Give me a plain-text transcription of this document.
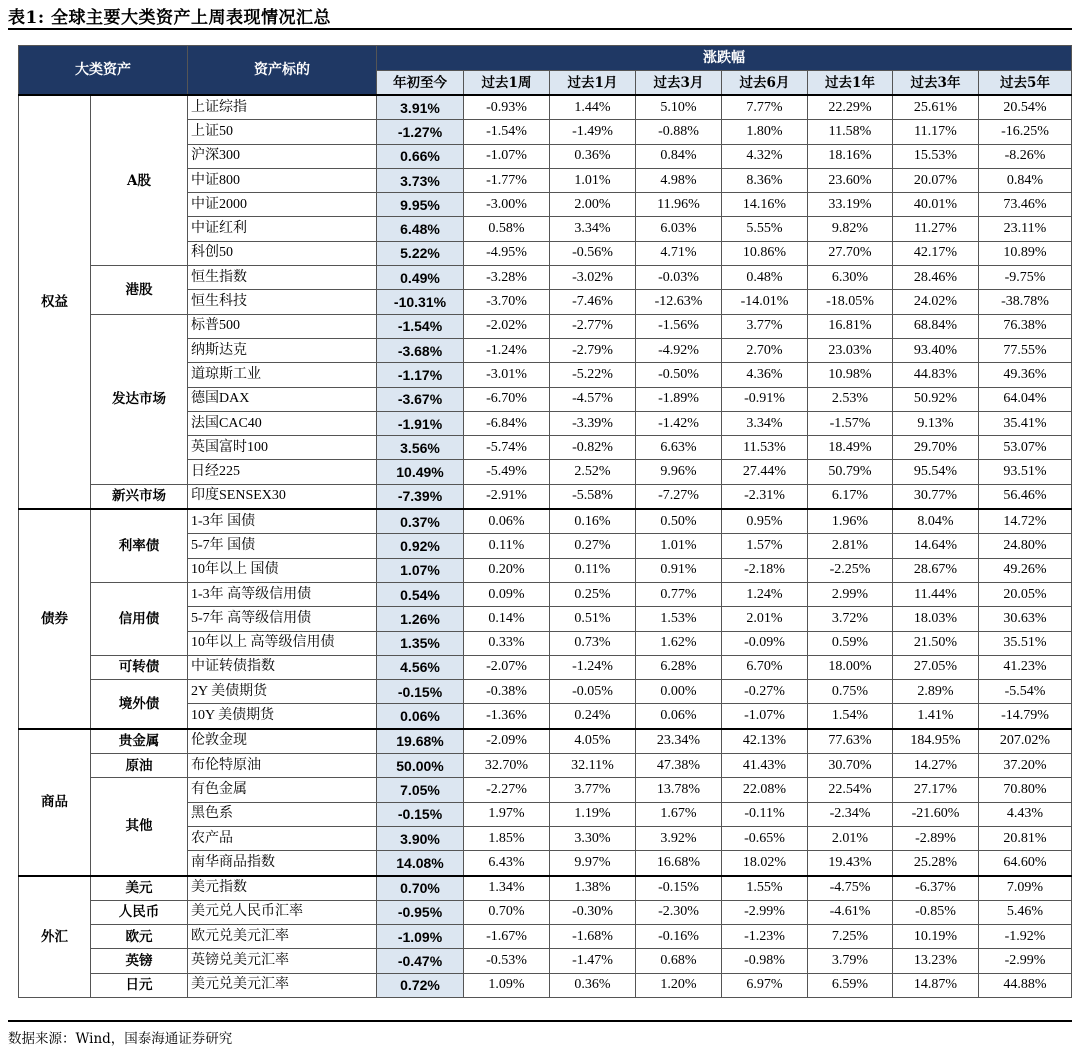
表1: 全球主要大类资产上周表现情况汇总
大类资产		资产标的	涨跌幅							
			年初至今	过去1周	过去1月	过去3月	过去6月	过去1年	过去3年	过去5年
权益	A股	上证综指	3.91%	-0.93%	1.44%	5.10%	7.77%	22.29%	25.61%	20.54%
		上证50	-1.27%	-1.54%	-1.49%	-0.88%	1.80%	11.58%	11.17%	-16.25%
		沪深300	0.66%	-1.07%	0.36%	0.84%	4.32%	18.16%	15.53%	-8.26%
		中证800	3.73%	-1.77%	1.01%	4.98%	8.36%	23.60%	20.07%	0.84%
		中证2000	9.95%	-3.00%	2.00%	11.96%	14.16%	33.19%	40.01%	73.46%
		中证红利	6.48%	0.58%	3.34%	6.03%	5.55%	9.82%	11.27%	23.11%
		科创50	5.22%	-4.95%	-0.56%	4.71%	10.86%	27.70%	42.17%	10.89%
	港股	恒生指数	0.49%	-3.28%	-3.02%	-0.03%	0.48%	6.30%	28.46%	-9.75%
		恒生科技	-10.31%	-3.70%	-7.46%	-12.63%	-14.01%	-18.05%	24.02%	-38.78%
	发达市场	标普500	-1.54%	-2.02%	-2.77%	-1.56%	3.77%	16.81%	68.84%	76.38%
		纳斯达克	-3.68%	-1.24%	-2.79%	-4.92%	2.70%	23.03%	93.40%	77.55%
		道琼斯工业	-1.17%	-3.01%	-5.22%	-0.50%	4.36%	10.98%	44.83%	49.36%
		德国DAX	-3.67%	-6.70%	-4.57%	-1.89%	-0.91%	2.53%	50.92%	64.04%
		法国CAC40	-1.91%	-6.84%	-3.39%	-1.42%	3.34%	-1.57%	9.13%	35.41%
		英国富时100	3.56%	-5.74%	-0.82%	6.63%	11.53%	18.49%	29.70%	53.07%
		日经225	10.49%	-5.49%	2.52%	9.96%	27.44%	50.79%	95.54%	93.51%
	新兴市场	印度SENSEX30	-7.39%	-2.91%	-5.58%	-7.27%	-2.31%	6.17%	30.77%	56.46%
债券	利率债	1-3年 国债	0.37%	0.06%	0.16%	0.50%	0.95%	1.96%	8.04%	14.72%
		5-7年 国债	0.92%	0.11%	0.27%	1.01%	1.57%	2.81%	14.64%	24.80%
		10年以上 国债	1.07%	0.20%	0.11%	0.91%	-2.18%	-2.25%	28.67%	49.26%
	信用债	1-3年 高等级信用债	0.54%	0.09%	0.25%	0.77%	1.24%	2.99%	11.44%	20.05%
		5-7年 高等级信用债	1.26%	0.14%	0.51%	1.53%	2.01%	3.72%	18.03%	30.63%
		10年以上 高等级信用债	1.35%	0.33%	0.73%	1.62%	-0.09%	0.59%	21.50%	35.51%
	可转债	中证转债指数	4.56%	-2.07%	-1.24%	6.28%	6.70%	18.00%	27.05%	41.23%
	境外债	2Y 美债期货	-0.15%	-0.38%	-0.05%	0.00%	-0.27%	0.75%	2.89%	-5.54%
		10Y 美债期货	0.06%	-1.36%	0.24%	0.06%	-1.07%	1.54%	1.41%	-14.79%
商品	贵金属	伦敦金现	19.68%	-2.09%	4.05%	23.34%	42.13%	77.63%	184.95%	207.02%
	原油	布伦特原油	50.00%	32.70%	32.11%	47.38%	41.43%	30.70%	14.27%	37.20%
	其他	有色金属	7.05%	-2.27%	3.77%	13.78%	22.08%	22.54%	27.17%	70.80%
		黑色系	-0.15%	1.97%	1.19%	1.67%	-0.11%	-2.34%	-21.60%	4.43%
		农产品	3.90%	1.85%	3.30%	3.92%	-0.65%	2.01%	-2.89%	20.81%
		南华商品指数	14.08%	6.43%	9.97%	16.68%	18.02%	19.43%	25.28%	64.60%
外汇	美元	美元指数	0.70%	1.34%	1.38%	-0.15%	1.55%	-4.75%	-6.37%	7.09%
	人民币	美元兑人民币汇率	-0.95%	0.70%	-0.30%	-2.30%	-2.99%	-4.61%	-0.85%	5.46%
	欧元	欧元兑美元汇率	-1.09%	-1.67%	-1.68%	-0.16%	-1.23%	7.25%	10.19%	-1.92%
	英镑	英镑兑美元汇率	-0.47%	-0.53%	-1.47%	0.68%	-0.98%	3.79%	13.23%	-2.99%
	日元	美元兑美元汇率	0.72%	1.09%	0.36%	1.20%	6.97%	6.59%	14.87%	44.88%
数据来源：Wind，国泰海通证券研究
